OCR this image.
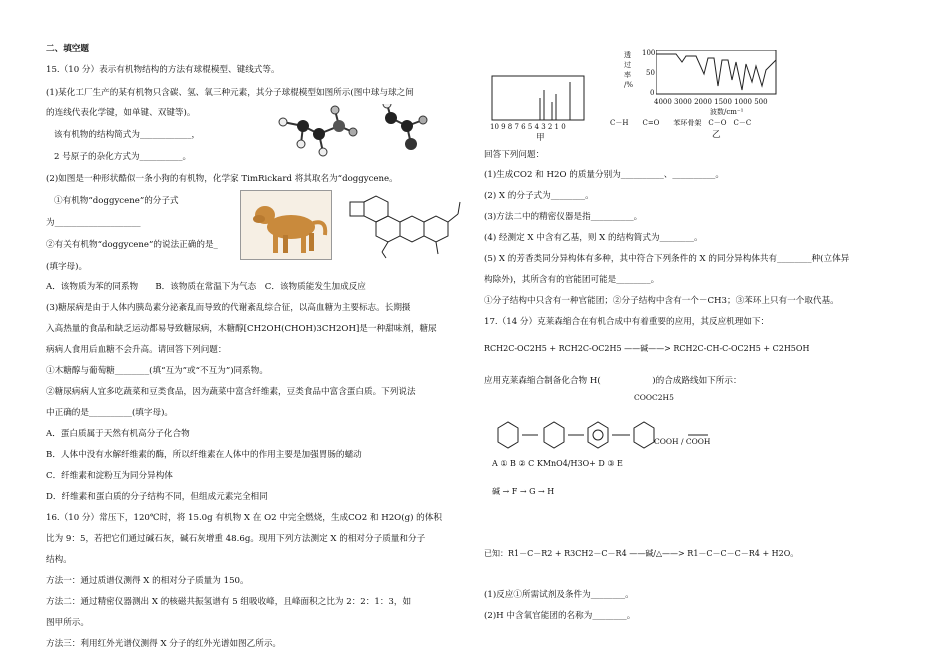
二、填空题
15.（10 分）表示有机物结构的方法有球棍模型、键线式等。
(1)某化工厂生产的某有机物只含碳、氢、氧三种元素，其分子球棍模型如图所示(图中球与球之间
的连线代表化学键，如单键、双键等)。
该有机物的结构简式为____________，
2 号原子的杂化方式为__________。
(2)如图是一种形状酷似一条小狗的有机物，化学家 TimRickard 将其取名为“doggycene。
①有机物“doggycene”的分子式
为____________________
②有关有机物“doggycene”的说法正确的是_
(填字母)。
A．该物质为苯的同系物　　B．该物质在常温下为气态　C．该物质能发生加成反应
(3)糖尿病是由于人体内胰岛素分泌紊乱而导致的代谢紊乱综合征，以高血糖为主要标志。长期摄
入高热量的食品和缺乏运动都易导致糖尿病，木糖醇[CH2OH(CHOH)3CH2OH]是一种甜味剂，糖尿
病病人食用后血糖不会升高。请回答下列问题：
①木糖醇与葡萄糖________(填“互为”或“不互为”)同系物。
②糖尿病病人宜多吃蔬菜和豆类食品，因为蔬菜中富含纤维素，豆类食品中富含蛋白质。下列说法
中正确的是__________(填字母)。
A．蛋白质属于天然有机高分子化合物
B．人体中没有水解纤维素的酶，所以纤维素在人体中的作用主要是加强胃肠的蠕动
C．纤维素和淀粉互为同分异构体
D．纤维素和蛋白质的分子结构不同，但组成元素完全相同
16.（10 分）常压下，120℃时，将 15.0g 有机物 X 在 O2 中完全燃烧，生成CO2 和 H2O(g) 的体积
比为 9：5，若把它们通过碱石灰，碱石灰增重 48.6g。现用下列方法测定 X 的相对分子质量和分子
结构。
方法一：通过质谱仪测得 X 的相对分子质量为 150。
方法二：通过精密仪器测出 X 的核磁共振氢谱有 5 组吸收峰，且峰面积之比为 2：2：1：3，如
图甲所示。
方法三：利用红外光谱仪测得 X 分子的红外光谱如图乙所示。
10 9 8 7 6 5 4 3 2 1 0
甲
透
过
率
/%
100
50
0
4000 3000 2000 1500 1000 500
波数/cm⁻¹
C－H　　C=O　　苯环骨架　C－O　C－C
乙
回答下列问题：
(1)生成CO2 和 H2O 的质量分别为__________、__________。
(2) X 的分子式为________。
(3)方法二中的精密仪器是指__________。
(4) 经测定 X 中含有乙基，则 X 的结构简式为________。
(5) X 的芳香类同分异构体有多种，其中符合下列条件的 X 的同分异构体共有________种(立体异
构除外)，其所含有的官能团可能是________。
①分子结构中只含有一种官能团；②分子结构中含有一个－CH3；③苯环上只有一个取代基。
17.（14 分）克莱森缩合在有机合成中有着重要的应用，其反应机理如下：
RCH2C-OC2H5 + RCH2C-OC2H5 ——碱——> RCH2C-CH-C-OC2H5 + C2H5OH
应用克莱森缩合制备化合物 H(　　　　　　)的合成路线如下所示：
COOC2H5
A ① B ② C KMnO4/H3O+ D ③ E
COOH / COOH
碱 → F → G → H
已知：R1－C－R2 + R3CH2－C－R4 ——碱/△——> R1－C－C－C－R4 + H2O。
(1)反应①所需试剂及条件为________。
(2)H 中含氧官能团的名称为________。
